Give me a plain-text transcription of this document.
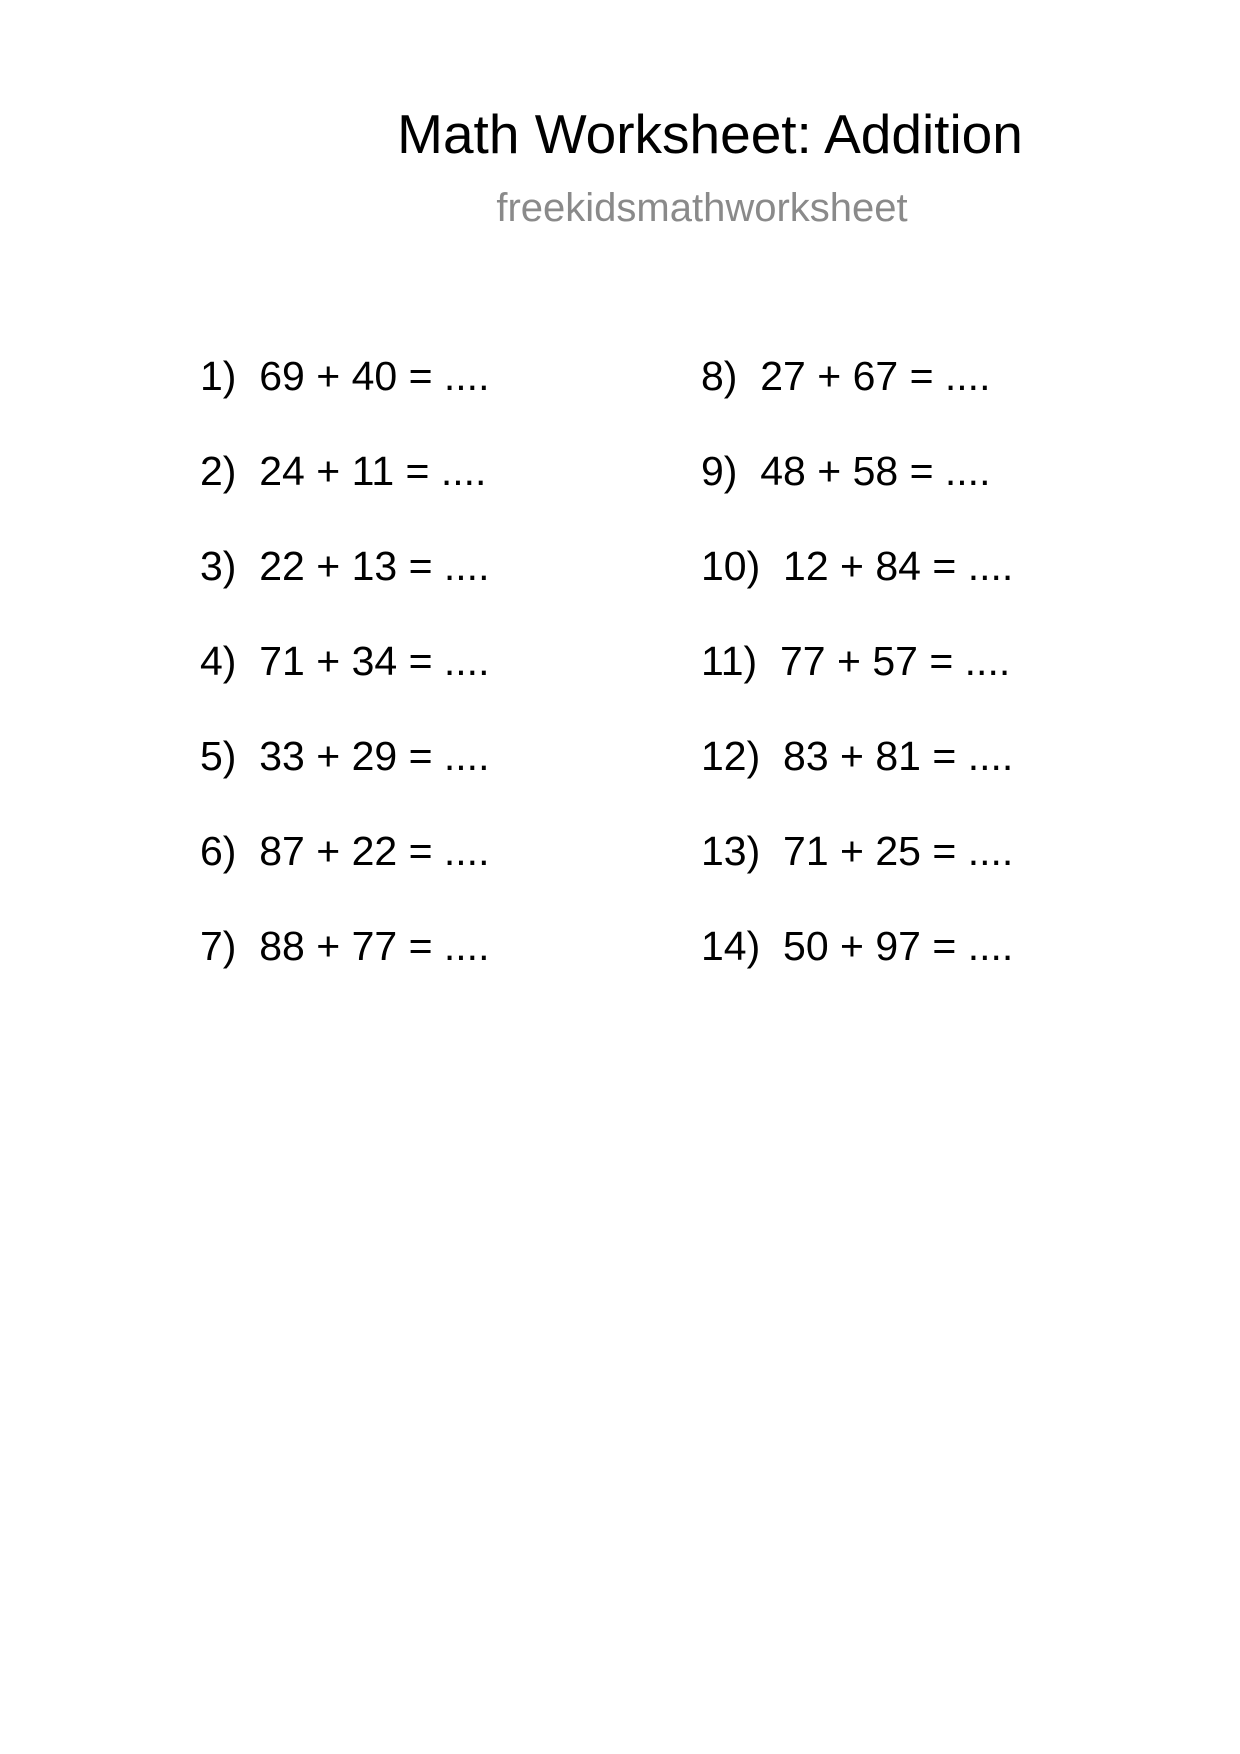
Math Worksheet: Addition
freekidsmathworksheet
1)  69 + 40 = ....
2)  24 + 11 = ....
3)  22 + 13 = ....
4)  71 + 34 = ....
5)  33 + 29 = ....
6)  87 + 22 = ....
7)  88 + 77 = ....
8)  27 + 67 = ....
9)  48 + 58 = ....
10)  12 + 84 = ....
11)  77 + 57 = ....
12)  83 + 81 = ....
13)  71 + 25 = ....
14)  50 + 97 = ....
